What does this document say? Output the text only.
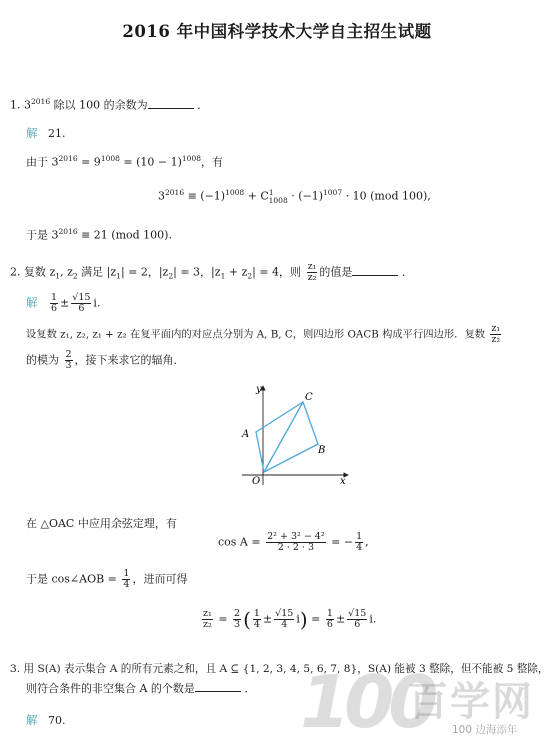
2016 年中国科学技术大学自主招生试题
1. $3^{2016}$ 除以 100 的余数为	．
解 21.
由于 $3^{2016} = 9^{1008} = (10 - 1)^{1008}$，有
$3^{2016} \equiv (-1)^{1008} + C^1_{1008} \cdot (-1)^{1007} \cdot 10$ (mod 100),
于是 $3^{2016} \equiv 21$ (mod 100).
2. 复数 $z_1$, $z_2$ 满足 $|z_1| = 2$，$|z_2| = 3$，$|z_1 + z_2| = 4$，则 $\frac{\text{z₁}}{\text{z₂}}$ 的值是	．
解 $\frac{1}{6} \pm \frac{√15}{6} i$.
设复数 z₁, z₂, z₁ + z₂ 在复平面内的对应点分别为 A, B, C，则四边形 OACB 构成平行四边形．复数 $\frac{\text{z₁}}{\text{z₂}}$
的模为 $\frac{2}{3}$ ，接下来求它的辐角．
y
x
A
C
B
O
在 △OAC 中应用余弦定理，有
$\cos A = \frac{\text{2² + 3² − 4²}}{2 \cdot 2 \cdot 3}$ = − $\frac{1}{4}$ ,
于是 cos∠AOB = $\frac{1}{4}$ ，进而可得
$\frac{\text{z₁}}{\text{z₂}} = \frac{2}{3}$ ( $\frac{1}{4} \pm \frac{√15}{4} i) = \frac{1}{6} \pm \frac{√15}{6} i$.
3. 用 S(A) 表示集合 A 的所有元素之和，且 A ⊆ {1, 2, 3, 4, 5, 6, 7, 8}，S(A) 能被 3 整除，但不能被 5 整除，
则符合条件的非空集合 A 的个数是	．
解 70.	100
百学网
100 边海添年
